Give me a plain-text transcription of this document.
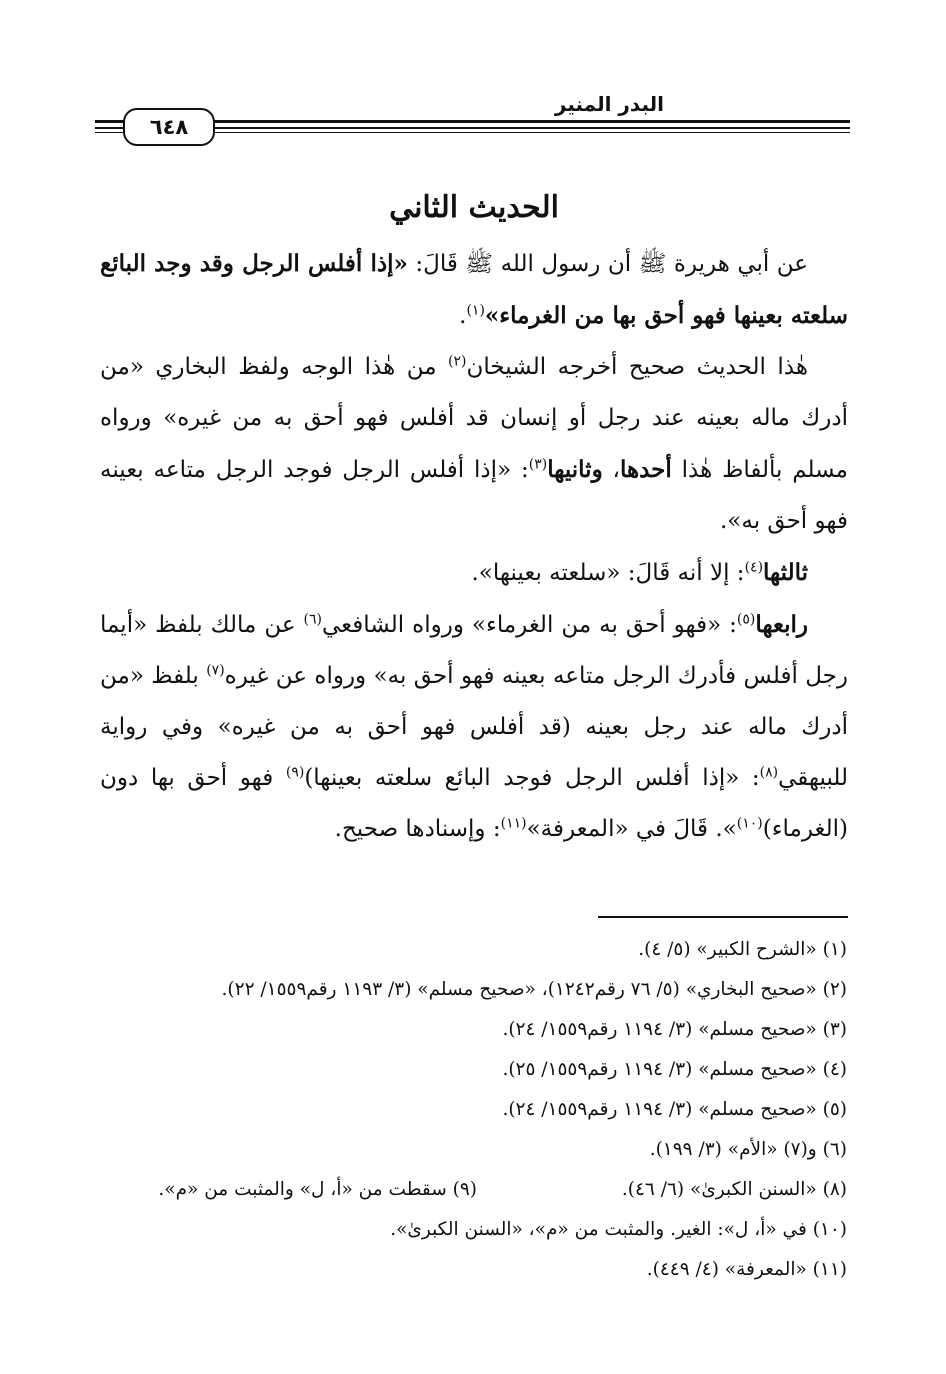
البدر المنير
٦٤٨
الحديث الثاني

عن أبي هريرة ﷺ أن رسول الله ﷺ قَالَ: «إذا أفلس الرجل وقد وجد البائع سلعته بعينها فهو أحق بها من الغرماء»$^{(١)}$.

هٰذا الحديث صحيح أخرجه الشيخان$^{(٢)}$ من هٰذا الوجه ولفظ البخاري «من أدرك ماله بعينه عند رجل أو إنسان قد أفلس فهو أحق به من غيره» ورواه مسلم بألفاظ هٰذا أحدها، وثانيها$^{(٣)}$: «إذا أفلس الرجل فوجد الرجل متاعه بعينه فهو أحق به».

ثالثها$^{(٤)}$: إلا أنه قَالَ: «سلعته بعينها».

رابعها$^{(٥)}$: «فهو أحق به من الغرماء» ورواه الشافعي$^{(٦)}$ عن مالك بلفظ «أيما رجل أفلس فأدرك الرجل متاعه بعينه فهو أحق به» ورواه عن غيره$^{(٧)}$ بلفظ «من أدرك ماله عند رجل بعينه (قد أفلس فهو أحق به من غيره» وفي رواية للبيهقي$^{(٨)}$: «إذا أفلس الرجل فوجد البائع سلعته بعينها)$^{(٩)}$ فهو أحق بها دون (الغرماء)$^{(١٠)}$». قَالَ في «المعرفة»$^{(١١)}$: وإسنادها صحيح.

(١) «الشرح الكبير» (٥/ ٤).
(٢) «صحيح البخاري» (٥/ ٧٦ رقم١٢٤٢)، «صحيح مسلم» (٣/ ١١٩٣ رقم١٥٥٩/ ٢٢).
(٣) «صحيح مسلم» (٣/ ١١٩٤ رقم١٥٥٩/ ٢٤).
(٤) «صحيح مسلم» (٣/ ١١٩٤ رقم١٥٥٩/ ٢٥).
(٥) «صحيح مسلم» (٣/ ١١٩٤ رقم١٥٥٩/ ٢٤).
(٦) و(٧) «الأم» (٣/ ١٩٩).
(٨) «السنن الكبرىٰ» (٦/ ٤٦).
(٩) سقطت من «أ، ل» والمثبت من «م».
(١٠) في «أ، ل»: الغير. والمثبت من «م»، «السنن الكبرىٰ».
(١١) «المعرفة» (٤/ ٤٤٩).
